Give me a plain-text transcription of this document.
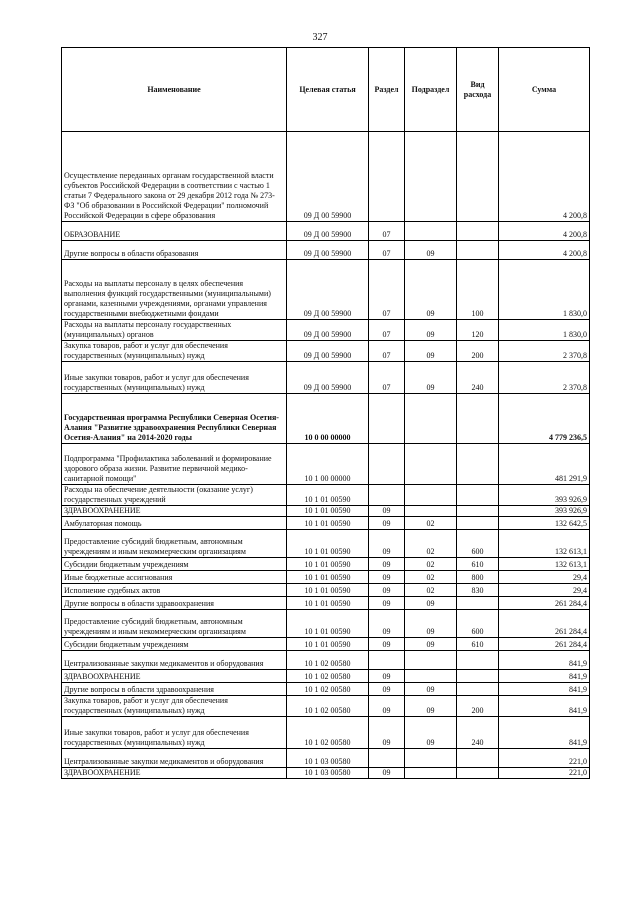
327
Наименование	Целевая статья	Раздел	Подраздел	Вид расхода	Сумма
Осуществление переданных органам государственной власти субъектов Российской Федерации в соответствии с частью 1 статьи 7 Федерального закона от 29 декабря 2012 года № 273-ФЗ "Об образовании в Российской Федерации" полномочий Российской Федерации в сфере образования	09 Д 00 59900				4 200,8
ОБРАЗОВАНИЕ	09 Д 00 59900	07			4 200,8
Другие вопросы в области образования	09 Д 00 59900	07	09		4 200,8
Расходы на выплаты персоналу в целях обеспечения выполнения функций государственными (муниципальными) органами, казенными учреждениями, органами управления государственными внебюджетными фондами	09 Д 00 59900	07	09	100	1 830,0
Расходы на выплаты персоналу государственных (муниципальных) органов	09 Д 00 59900	07	09	120	1 830,0
Закупка товаров, работ и услуг для обеспечения государственных (муниципальных) нужд	09 Д 00 59900	07	09	200	2 370,8
Иные закупки товаров, работ и услуг для обеспечения государственных (муниципальных) нужд	09 Д 00 59900	07	09	240	2 370,8
Государственная программа Республики Северная Осетия-Алания "Развитие здравоохранения Республики Северная Осетия-Алания" на 2014-2020 годы	10 0 00 00000				4 779 236,5
Подпрограмма "Профилактика заболеваний и формирование здорового образа жизни. Развитие первичной медико-санитарной помощи"	10 1 00 00000				481 291,9
Расходы на обеспечение деятельности (оказание услуг) государственных учреждений	10 1 01 00590				393 926,9
ЗДРАВООХРАНЕНИЕ	10 1 01 00590	09			393 926,9
Амбулаторная помощь	10 1 01 00590	09	02		132 642,5
Предоставление субсидий бюджетным, автономным учреждениям и иным некоммерческим организациям	10 1 01 00590	09	02	600	132 613,1
Субсидии бюджетным учреждениям	10 1 01 00590	09	02	610	132 613,1
Иные бюджетные ассигнования	10 1 01 00590	09	02	800	29,4
Исполнение судебных актов	10 1 01 00590	09	02	830	29,4
Другие вопросы в области здравоохранения	10 1 01 00590	09	09		261 284,4
Предоставление субсидий бюджетным, автономным учреждениям и иным некоммерческим организациям	10 1 01 00590	09	09	600	261 284,4
Субсидии бюджетным учреждениям	10 1 01 00590	09	09	610	261 284,4
Централизованные закупки медикаментов и оборудования	10 1 02 00580				841,9
ЗДРАВООХРАНЕНИЕ	10 1 02 00580	09			841,9
Другие вопросы в области здравоохранения	10 1 02 00580	09	09		841,9
Закупка товаров, работ и услуг для обеспечения государственных (муниципальных) нужд	10 1 02 00580	09	09	200	841,9
Иные закупки товаров, работ и услуг для обеспечения государственных (муниципальных) нужд	10 1 02 00580	09	09	240	841,9
Централизованные закупки медикаментов и оборудования	10 1 03 00580				221,0
ЗДРАВООХРАНЕНИЕ	10 1 03 00580	09			221,0
